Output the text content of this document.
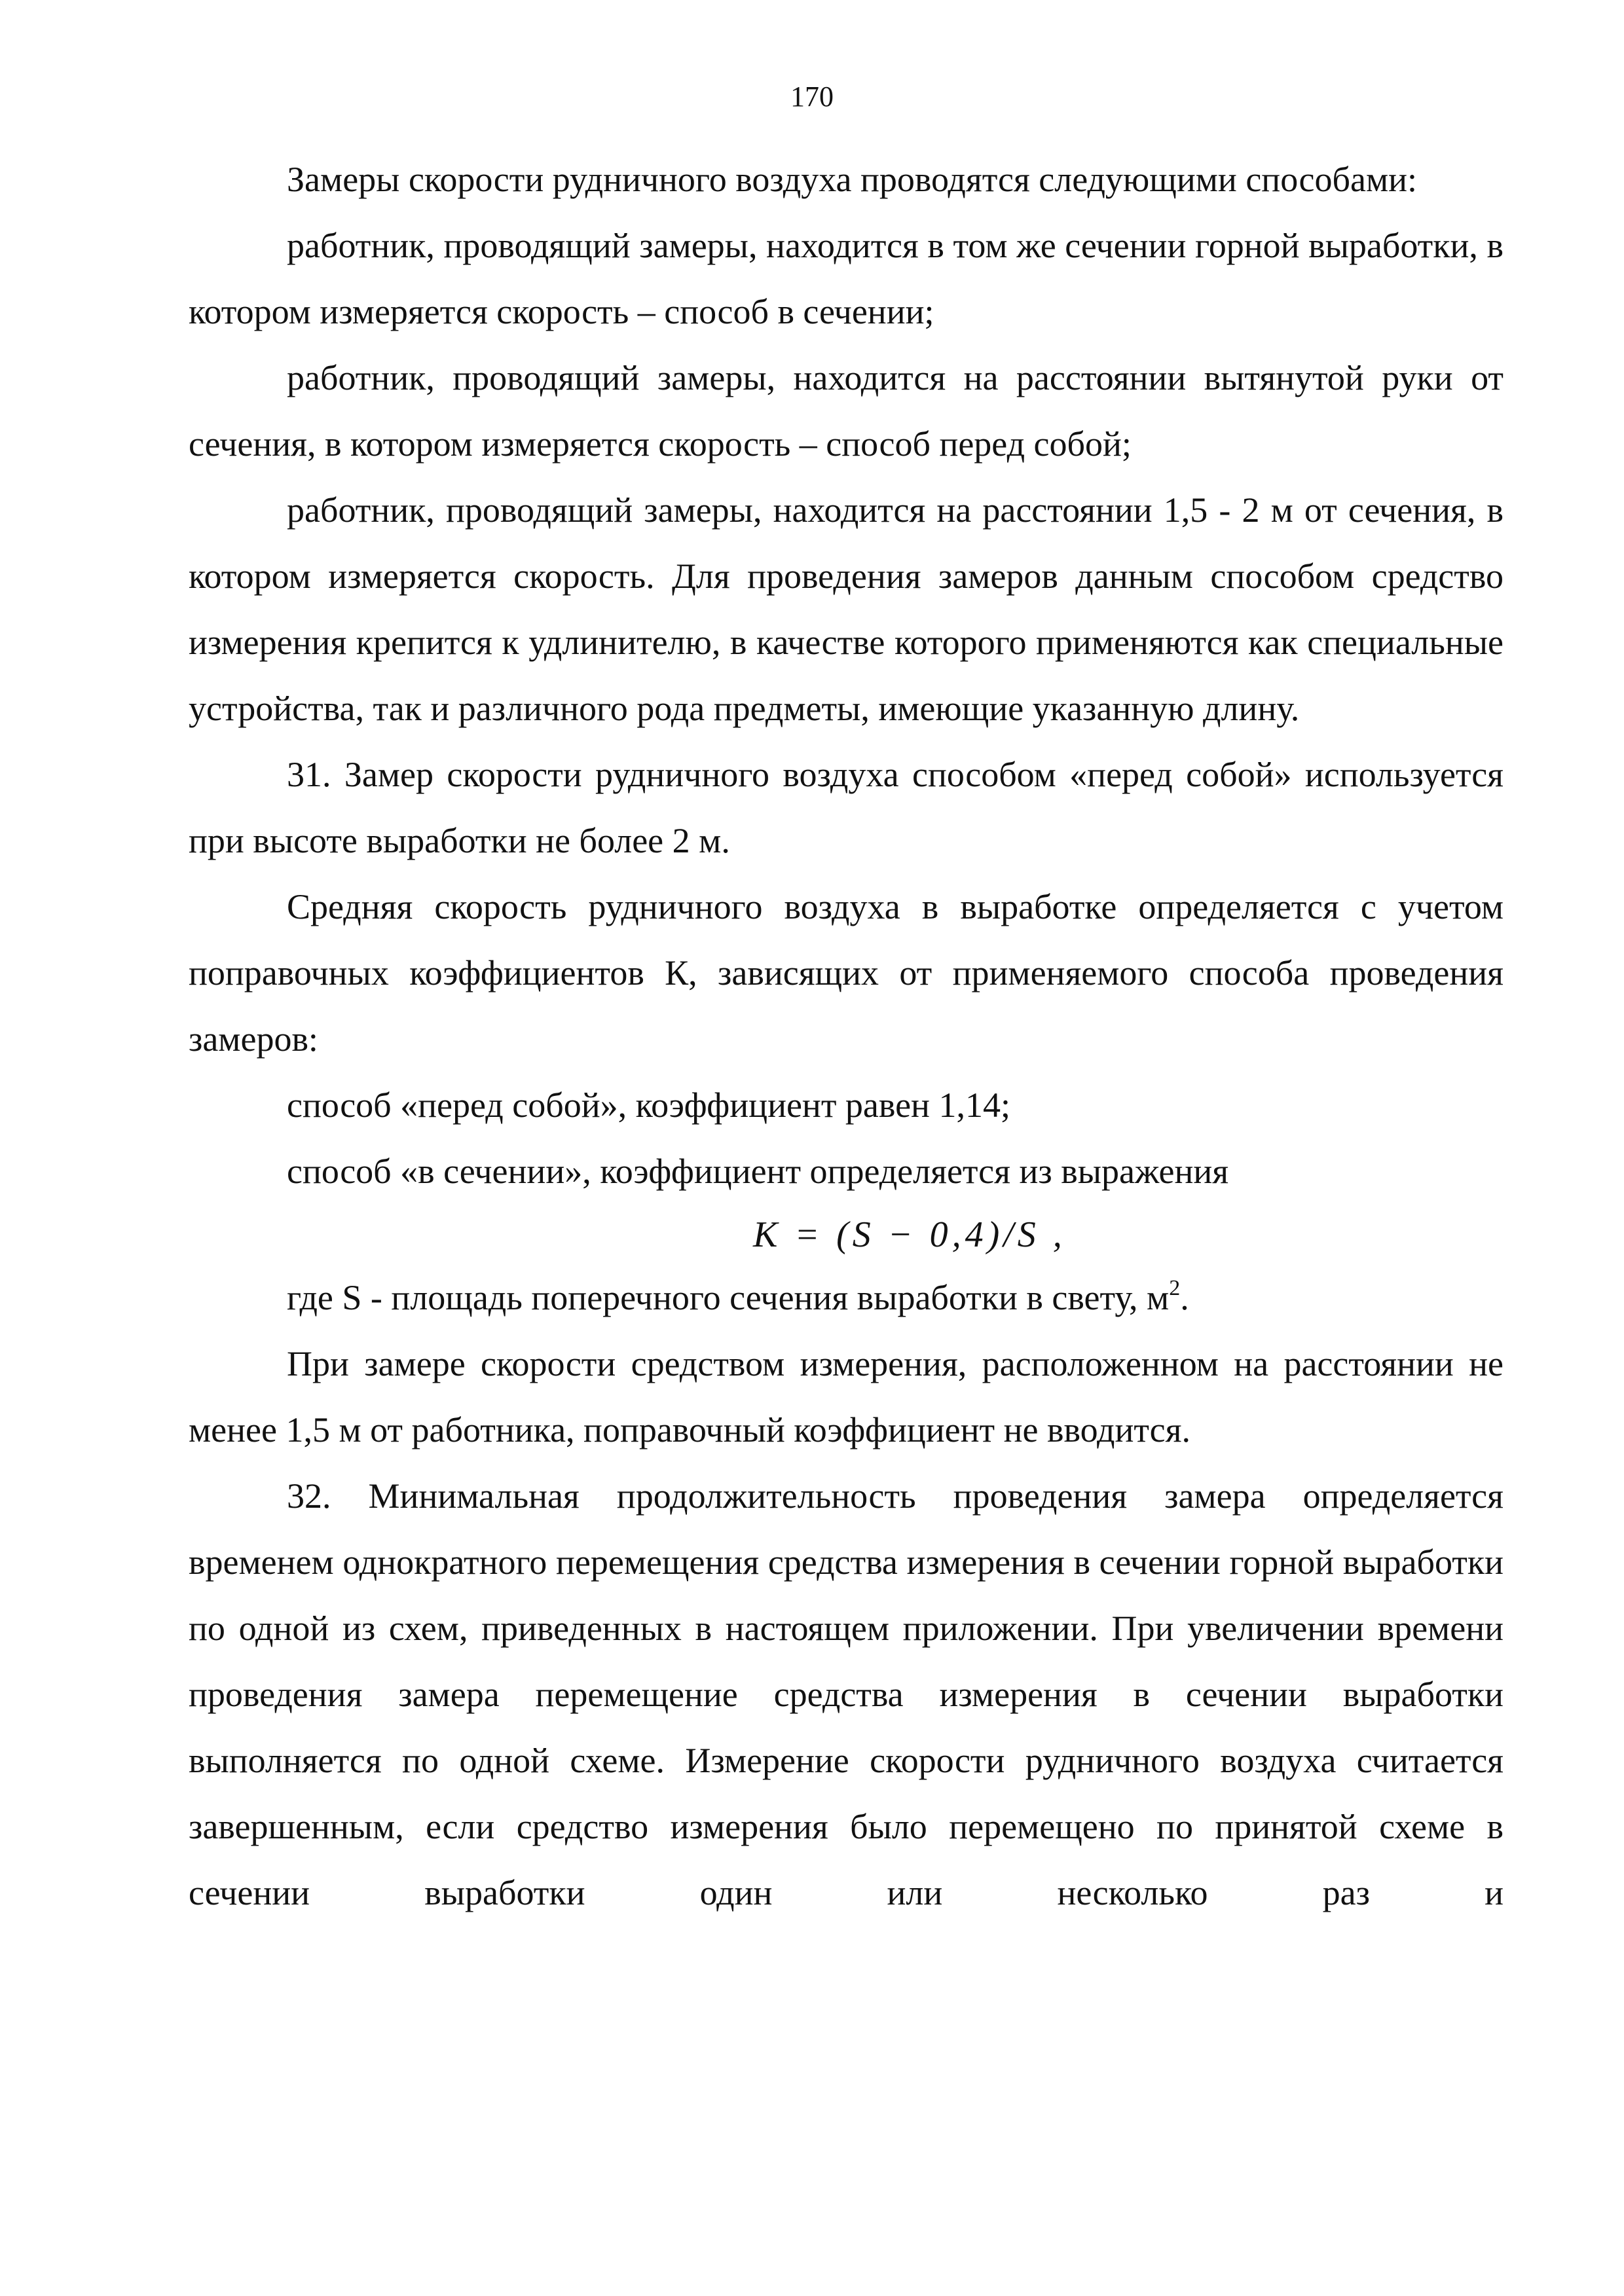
170

Замеры скорости рудничного воздуха проводятся следующими способами:

работник, проводящий замеры, находится в том же сечении горной выработки, в котором измеряется скорость – способ в сечении;

работник, проводящий замеры, находится на расстоянии вытянутой руки от сечения, в котором измеряется скорость – способ перед собой;

работник, проводящий замеры, находится на расстоянии 1,5 - 2 м от сечения, в котором измеряется скорость. Для проведения замеров данным способом средство измерения крепится к удлинителю, в качестве которого применяются как специальные устройства, так и различного рода предметы, имеющие указанную длину.

31. Замер скорости рудничного воздуха способом «перед собой» используется при высоте выработки не более 2 м.

Средняя скорость рудничного воздуха в выработке определяется с учетом поправочных коэффициентов К, зависящих от применяемого способа проведения замеров:

способ «перед собой», коэффициент равен 1,14;

способ «в сечении», коэффициент определяется из выражения

K = (S − 0,4)/S ,

где S - площадь поперечного сечения выработки в свету, $м^2$.

При замере скорости средством измерения, расположенном на расстоянии не менее 1,5 м от работника, поправочный коэффициент не вводится.

32. Минимальная продолжительность проведения замера определяется временем однократного перемещения средства измерения в сечении горной выработки по одной из схем, приведенных в настоящем приложении. При увеличении времени проведения замера перемещение средства измерения в сечении выработки выполняется по одной схеме. Измерение скорости рудничного воздуха считается завершенным, если средство измерения было перемещено по принятой схеме в сечении выработки один или несколько раз и
